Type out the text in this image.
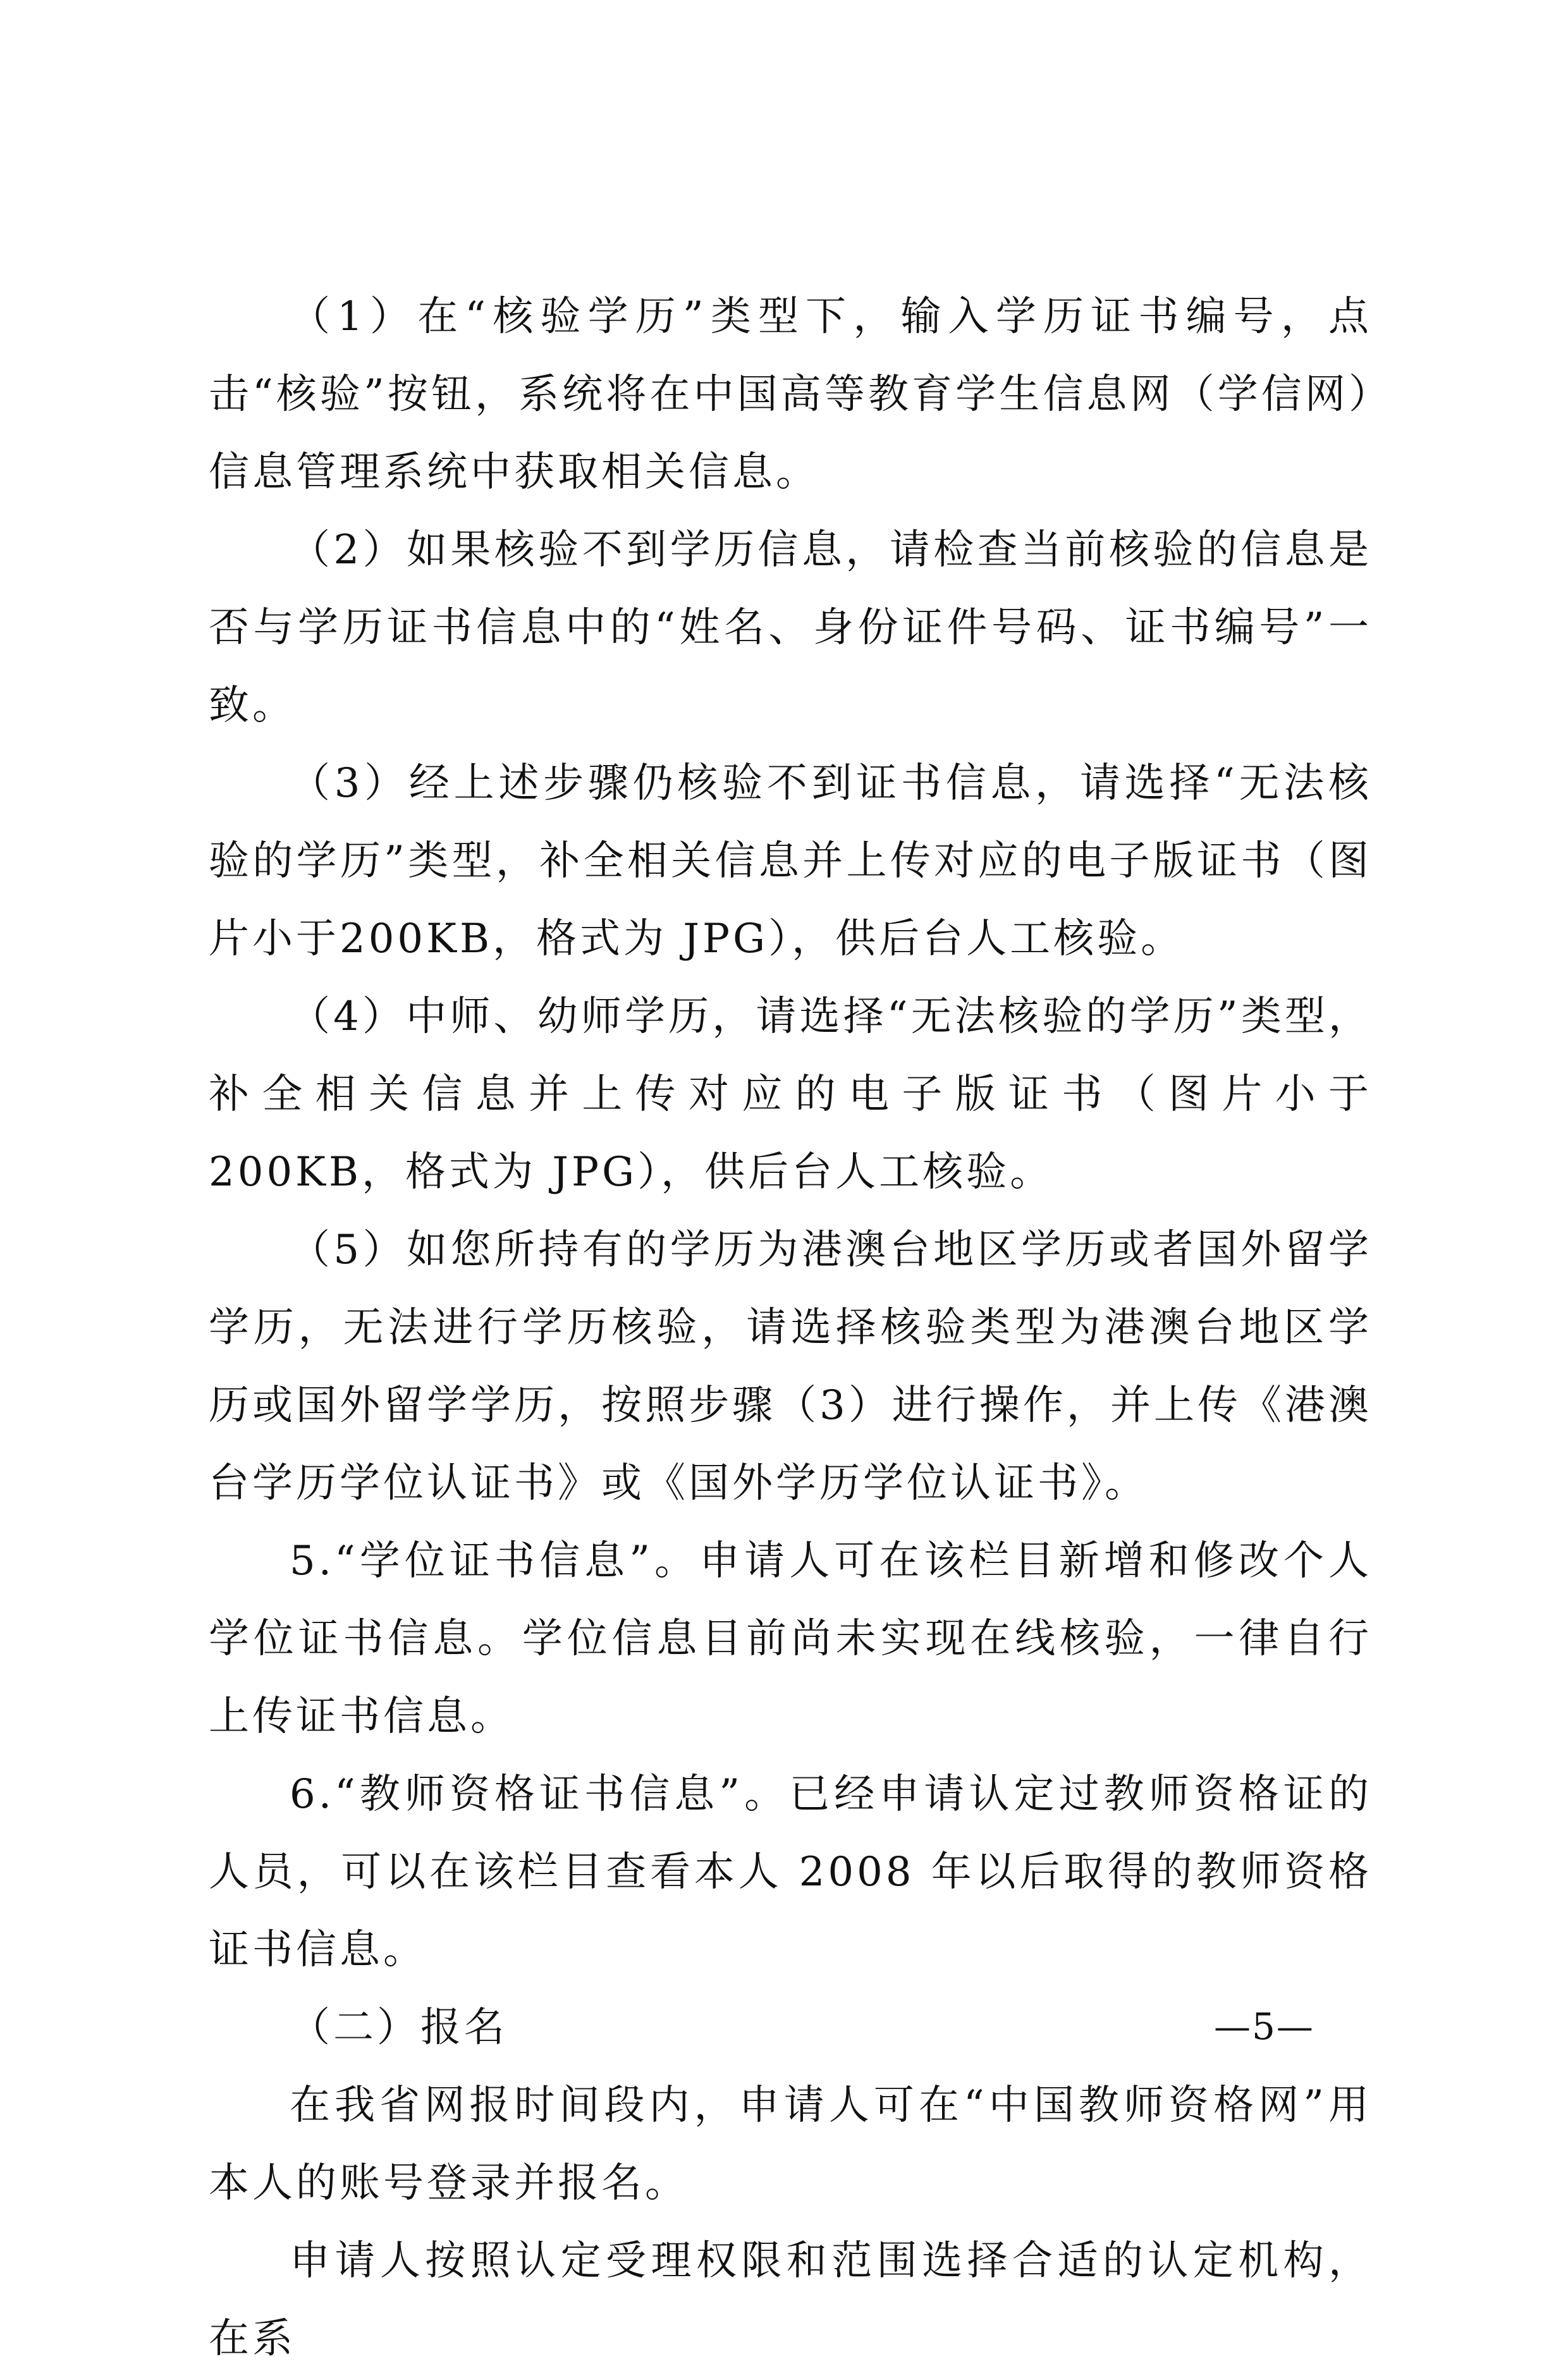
（1）在“核验学历”类型下，输入学历证书编号，点击“核验”按钮，系统将在中国高等教育学生信息网（学信网）信息管理系统中获取相关信息。

（2）如果核验不到学历信息，请检查当前核验的信息是否与学历证书信息中的“姓名、身份证件号码、证书编号”一致。

（3）经上述步骤仍核验不到证书信息，请选择“无法核验的学历”类型，补全相关信息并上传对应的电子版证书（图片小于200KB，格式为 JPG），供后台人工核验。

（4）中师、幼师学历，请选择“无法核验的学历”类型，补全相关信息并上传对应的电子版证书（图片小于 200KB，格式为 JPG），供后台人工核验。

（5）如您所持有的学历为港澳台地区学历或者国外留学学历，无法进行学历核验，请选择核验类型为港澳台地区学历或国外留学学历，按照步骤（3）进行操作，并上传《港澳台学历学位认证书》或《国外学历学位认证书》。

5.“学位证书信息”。申请人可在该栏目新增和修改个人学位证书信息。学位信息目前尚未实现在线核验，一律自行上传证书信息。

6.“教师资格证书信息”。已经申请认定过教师资格证的人员，可以在该栏目查看本人 2008 年以后取得的教师资格证书信息。

（二）报名

在我省网报时间段内，申请人可在“中国教师资格网”用本人的账号登录并报名。

申请人按照认定受理权限和范围选择合适的认定机构，在系

—5—
